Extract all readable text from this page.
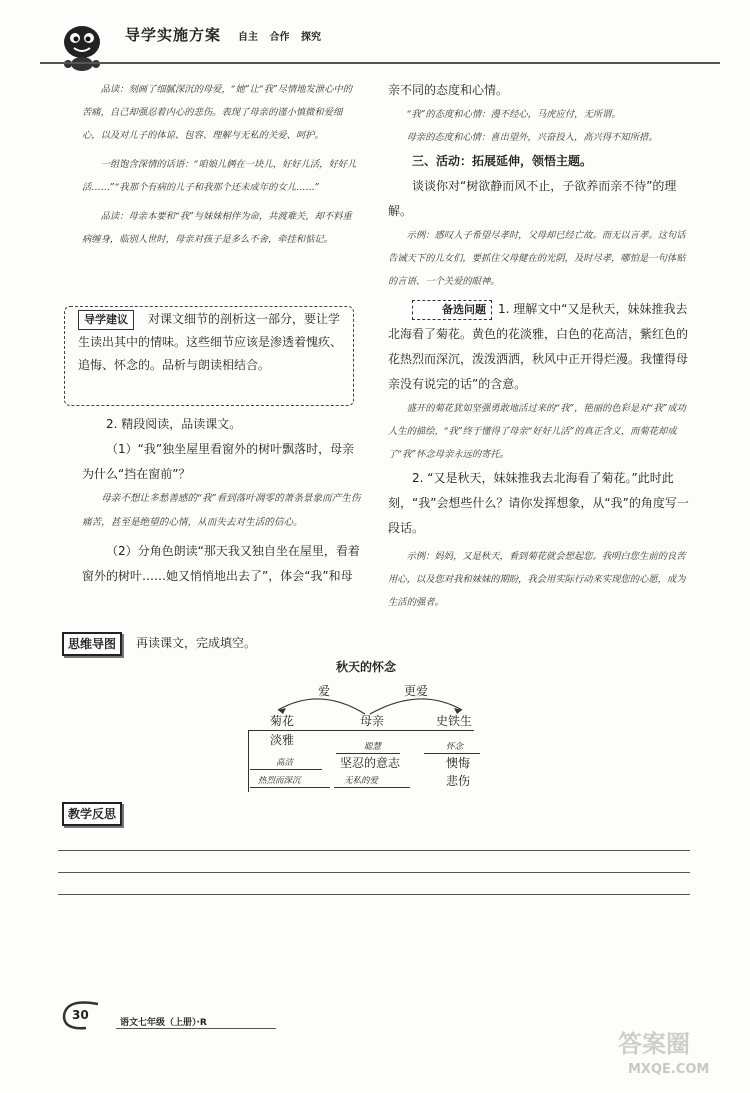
导学实施方案 自主 合作 探究

品读：刻画了细腻深沉的母爱，“她”让“我”尽情地发泄心中的苦痛，自己却强忍着内心的悲伤。表现了母亲的谨小慎微和爱细心，以及对儿子的体谅、包容、理解与无私的关爱、呵护。

一组饱含深情的话语：“咱娘儿俩在一块儿，好好儿活，好好儿活……”“我那个有病的儿子和我那个还未成年的女儿……”

品读：母亲本要和“我”与妹妹相伴为命，共渡难关，却不料重病缠身，临别人世时，母亲对孩子是多么不舍，牵挂和惦记。

导学建议 对课文细节的剖析这一部分，要让学生读出其中的情味。这些细节应该是渗透着愧疚、追悔、怀念的。品析与朗读相结合。

2. 精段阅读，品读课文。

（1）“我”独坐屋里看窗外的树叶飘落时，母亲为什么“挡在窗前”？

母亲不想让多愁善感的“我”看到落叶凋零的萧条景象而产生伤痛苦，甚至是绝望的心情，从而失去对生活的信心。

（2）分角色朗读“那天我又独自坐在屋里，看着窗外的树叶……她又悄悄地出去了”，体会“我”和母

亲不同的态度和心情。

“我”的态度和心情：漫不经心，马虎应付，无所谓。

母亲的态度和心情：喜出望外，兴奋投入，高兴得不知所措。

三、活动：拓展延伸，领悟主题。

谈谈你对“树欲静而风不止，子欲养而亲不待”的理解。

示例：感叹人子希望尽孝时，父母却已经亡故。而无以言孝。这句话告诫天下的儿女们，要抓住父母健在的光阴，及时尽孝，哪怕是一句体贴的言语、一个关爱的眼神。

备选问题 1. 理解文中“又是秋天，妹妹推我去北海看了菊花。黄色的花淡雅，白色的花高洁，紫红色的花热烈而深沉，泼泼洒洒，秋风中正开得烂漫。我懂得母亲没有说完的话”的含意。

盛开的菊花犹如坚强勇敢地活过来的“我”，艳丽的色彩是对“我”成功人生的描绘，“我”终于懂得了母亲“好好儿活”的真正含义，而菊花却成了“我”怀念母亲永远的寄托。

2. “又是秋天，妹妹推我去北海看了菊花。”此时此刻，“我”会想些什么？请你发挥想象，从“我”的角度写一段话。

示例：妈妈，又是秋天，看到菊花就会想起您。我明白您生前的良苦用心，以及您对我和妹妹的期盼，我会用实际行动来实现您的心愿，成为生活的强者。

思维导图	再读课文，完成填空。
秋天的怀念
爱	更爱
菊花	母亲	史铁生
淡雅	聪慧	怀念
高洁	坚忍的意志	懊悔
热烈而深沉	无私的爱	悲伤
教学反思
30
语文七年级（上册）·R
答案圈
MXQE.COM
